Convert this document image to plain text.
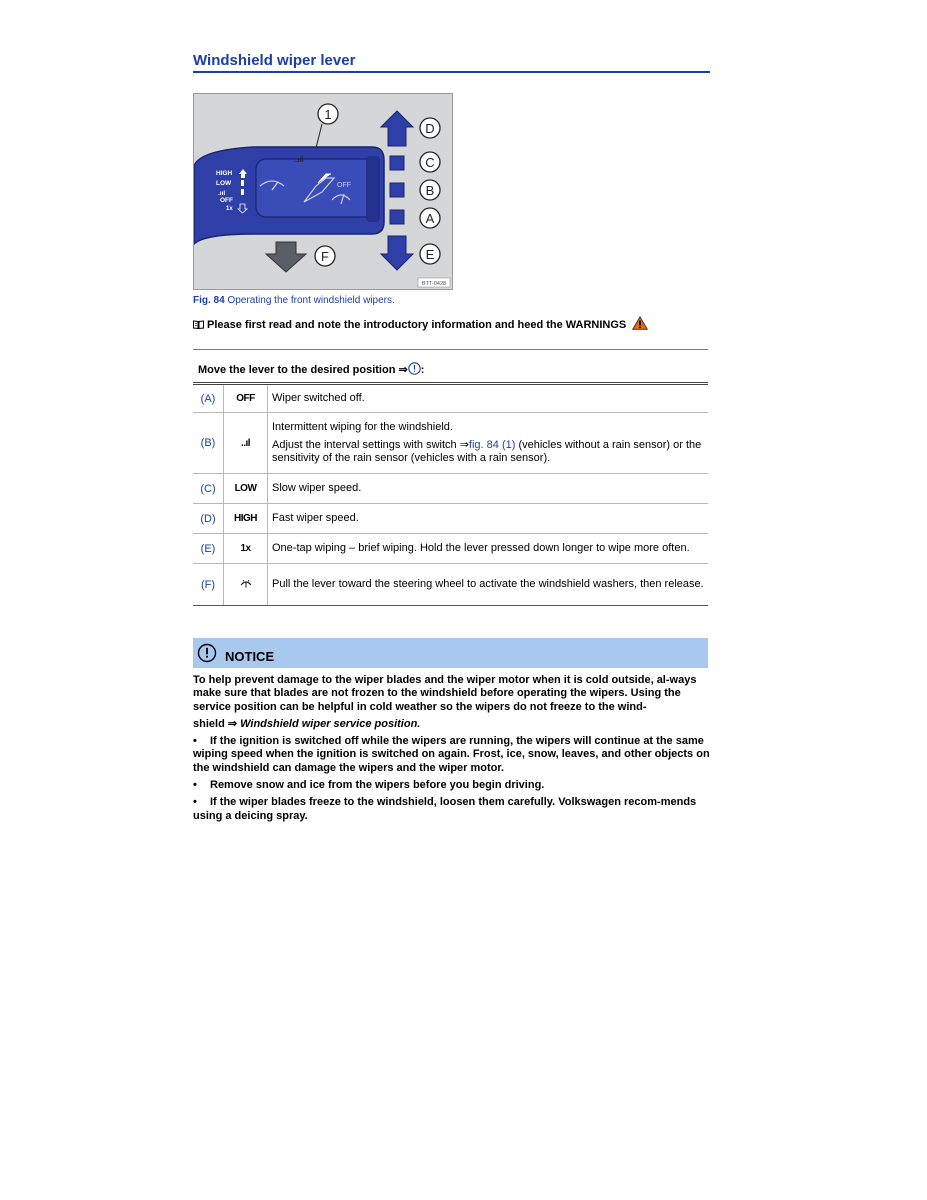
Windshield wiper lever
HIGH
LOW
.ııl
OFF
1x
OFF
..ıll
1
D
C
B
A
E
F
BTT-0428
Fig. 84 Operating the front windshield wipers.
Please first read and note the introductory information and heed the WARNINGS
Move the lever to the desired position ⇒ :		
(A)	OFF	Wiper switched off.
(B)	..ıl	Intermittent wiping for the windshield.

Adjust the interval settings with switch ⇒fig. 84 (1) (vehicles without a rain sensor) or the sensitivity of the rain sensor (vehicles with a rain sensor).

(C)	LOW	Slow wiper speed.
(D)	HIGH	Fast wiper speed.
(E)	1x	One-tap wiping – brief wiping. Hold the lever pressed down longer to wipe more often.
(F)		Pull the lever toward the steering wheel to activate the windshield washers, then release.
NOTICE

To help prevent damage to the wiper blades and the wiper motor when it is cold outside, al-ways make sure that blades are not frozen to the windshield before operating the wipers. Using the service position can be helpful in cold weather so the wipers do not freeze to the wind-

shield ⇒ Windshield wiper service position.

• If the ignition is switched off while the wipers are running, the wipers will continue at the same wiping speed when the ignition is switched on again. Frost, ice, snow, leaves, and other objects on the windshield can damage the wipers and the wiper motor.

• Remove snow and ice from the wipers before you begin driving.

• If the wiper blades freeze to the windshield, loosen them carefully. Volkswagen recom-mends using a deicing spray.
